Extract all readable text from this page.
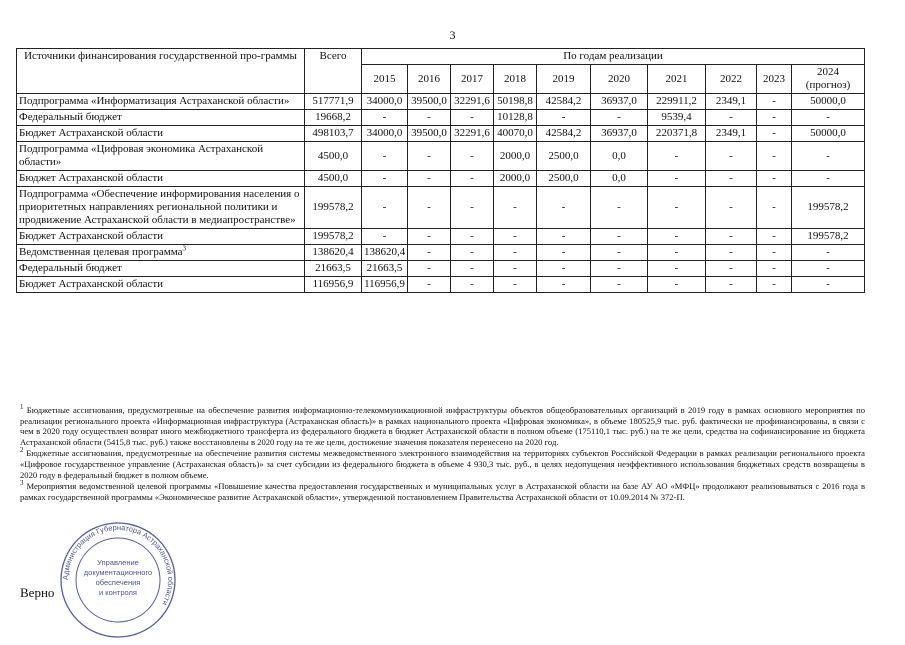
3
Источники финансирования государственной про-граммы	Всего	По годам реализации									
		2015	2016	2017	2018	2019	2020	2021	2022	2023	2024
(прогноз)
Подпрограмма «Информатизация Астраханской области»	517771,9	34000,0	39500,0	32291,6	50198,8	42584,2	36937,0	229911,2	2349,1	-	50000,0
Федеральный бюджет	19668,2	-	-	-	10128,8	-	-	9539,4	-	-	-
Бюджет Астраханской области	498103,7	34000,0	39500,0	32291,6	40070,0	42584,2	36937,0	220371,8	2349,1	-	50000,0
Подпрограмма «Цифровая экономика Астраханской области»	4500,0	-	-	-	2000,0	2500,0	0,0	-	-	-	-
Бюджет Астраханской области	4500,0	-	-	-	2000,0	2500,0	0,0	-	-	-	-
Подпрограмма «Обеспечение информирования населения о приоритетных направлениях региональной политики и продвижение Астраханской области в медиапространстве»	199578,2	-	-	-	-	-	-	-	-	-	199578,2
Бюджет Астраханской области	199578,2	-	-	-	-	-	-	-	-	-	199578,2
Ведомственная целевая программа$^3$	138620,4	138620,4	-	-	-	-	-	-	-	-	-
Федеральный бюджет	21663,5	21663,5	-	-	-	-	-	-	-	-	-
Бюджет Астраханской области	116956,9	116956,9	-	-	-	-	-	-	-	-	-

$^1$ Бюджетные ассигнования, предусмотренные на обеспечение развития информационно-телекоммуникационной инфраструктуры объектов общеобразовательных организаций в 2019 году в рамках основного мероприятия по реализации регионального проекта «Информационная инфраструктура (Астраханская область)» в рамках национального проекта «Цифровая экономика», в объеме 180525,9 тыс. руб. фактически не профинансированы, в связи с чем в 2020 году осуществлен возврат иного межбюджетного трансферта из федерального бюджета в бюджет Астраханской области в полном объеме (175110,1 тыс. руб.) на те же цели, средства на софинансирование из бюджета Астраханской области (5415,8 тыс. руб.) также восстановлены в 2020 году на те же цели, достижение значения показателя перенесено на 2020 год.

$^2$ Бюджетные ассигнования, предусмотренные на обеспечение развития системы межведомственного электронного взаимодействия на территориях субъектов Российской Федерации в рамках реализации регионального проекта «Цифровое государственное управление (Астраханская область)» за счет субсидии из федерального бюджета в объеме 4 930,3 тыс. руб., в целях недопущения неэффективного использования бюджетных средств возвращены в 2020 году в федеральный бюджет в полном объеме.

$^3$ Мероприятия ведомственной целевой программы «Повышение качества предоставления государственных и муниципальных услуг в Астраханской области на базе АУ АО «МФЦ» продолжают реализовываться с 2016 года в рамках государственной программы «Экономическое развитие Астраханской области», утвержденной постановлением Правительства Астраханской области от 10.09.2014 № 372-П.

Верно
Администрация Губернатора Астраханской области
Управление
документационного
обеспечения
и контроля
